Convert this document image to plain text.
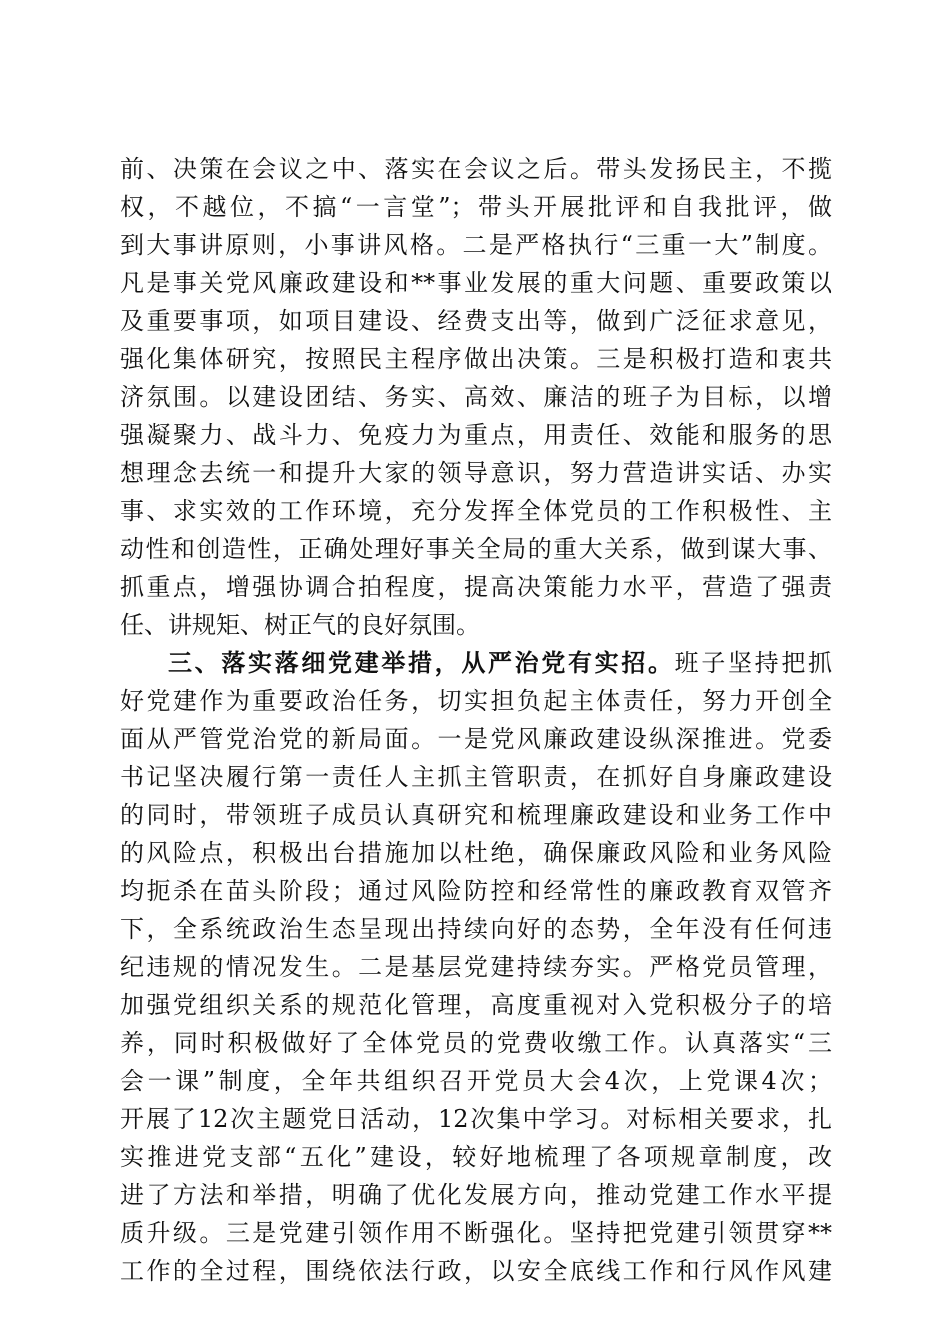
前、决策在会议之中、落实在会议之后。带头发扬民主，不揽
权，不越位，不搞“一言堂”；带头开展批评和自我批评，做
到大事讲原则，小事讲风格。二是严格执行“三重一大”制度。
凡是事关党风廉政建设和**事业发展的重大问题、重要政策以
及重要事项，如项目建设、经费支出等，做到广泛征求意见，
强化集体研究，按照民主程序做出决策。三是积极打造和衷共
济氛围。以建设团结、务实、高效、廉洁的班子为目标，以增
强凝聚力、战斗力、免疫力为重点，用责任、效能和服务的思
想理念去统一和提升大家的领导意识，努力营造讲实话、办实
事、求实效的工作环境，充分发挥全体党员的工作积极性、主
动性和创造性，正确处理好事关全局的重大关系，做到谋大事、
抓重点，增强协调合拍程度，提高决策能力水平，营造了强责
任、讲规矩、树正气的良好氛围。
三、落实落细党建举措，从严治党有实招。班子坚持把抓
好党建作为重要政治任务，切实担负起主体责任，努力开创全
面从严管党治党的新局面。一是党风廉政建设纵深推进。党委
书记坚决履行第一责任人主抓主管职责，在抓好自身廉政建设
的同时，带领班子成员认真研究和梳理廉政建设和业务工作中
的风险点，积极出台措施加以杜绝，确保廉政风险和业务风险
均扼杀在苗头阶段；通过风险防控和经常性的廉政教育双管齐
下，全系统政治生态呈现出持续向好的态势，全年没有任何违
纪违规的情况发生。二是基层党建持续夯实。严格党员管理，
加强党组织关系的规范化管理，高度重视对入党积极分子的培
养，同时积极做好了全体党员的党费收缴工作。认真落实“三
会一课”制度，全年共组织召开党员大会4次，上党课4次；
开展了12次主题党日活动，12次集中学习。对标相关要求，扎
实推进党支部“五化”建设，较好地梳理了各项规章制度，改
进了方法和举措，明确了优化发展方向，推动党建工作水平提
质升级。三是党建引领作用不断强化。坚持把党建引领贯穿**
工作的全过程，围绕依法行政，以安全底线工作和行风作风建
